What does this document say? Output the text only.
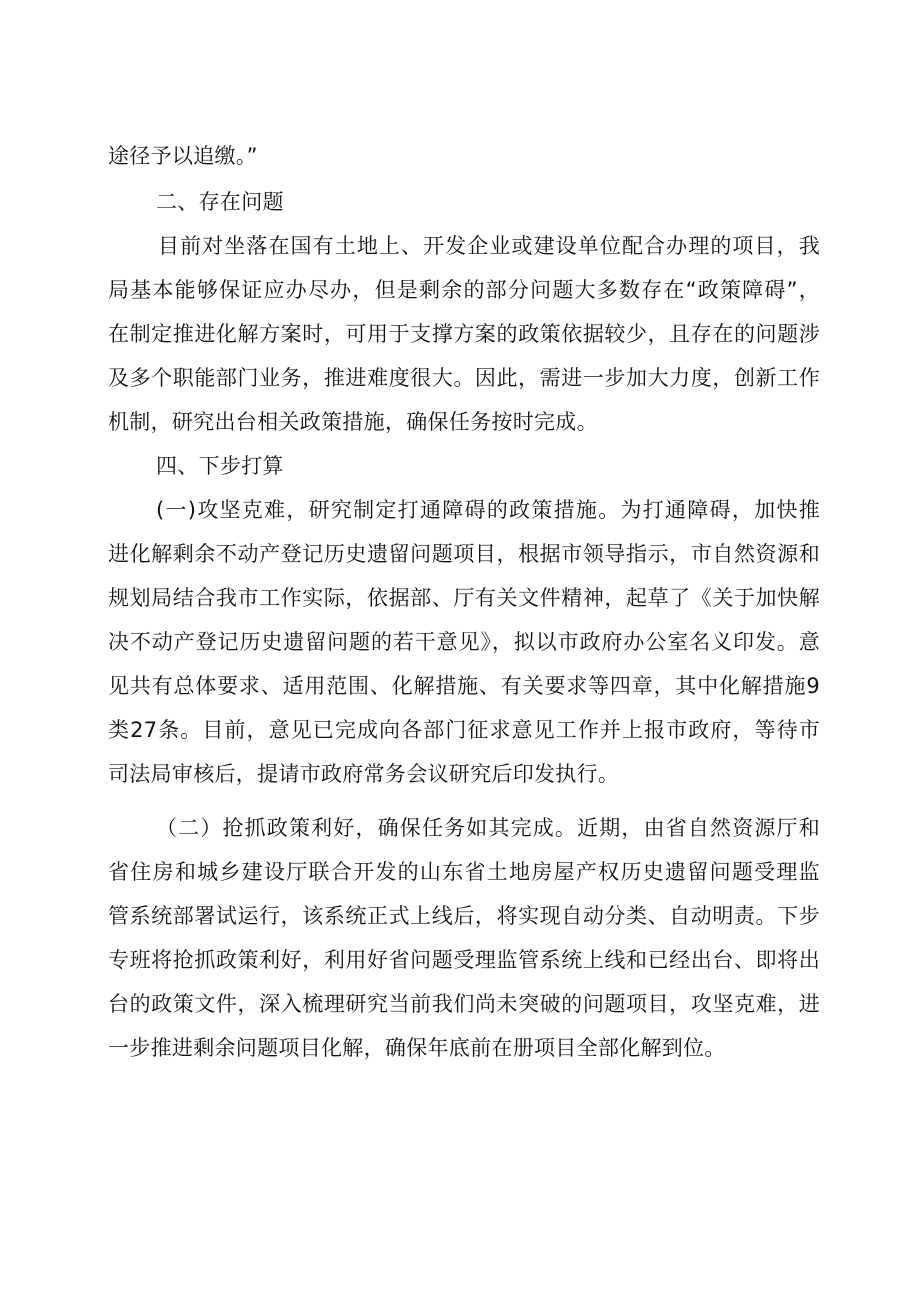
途径予以追缴。”
二、存在问题
目前对坐落在国有土地上、开发企业或建设单位配合办理的项目，我
局基本能够保证应办尽办，但是剩余的部分问题大多数存在“政策障碍”，
在制定推进化解方案时，可用于支撑方案的政策依据较少，且存在的问题涉
及多个职能部门业务，推进难度很大。因此，需进一步加大力度，创新工作
机制，研究出台相关政策措施，确保任务按时完成。
四、下步打算
(一)攻坚克难，研究制定打通障碍的政策措施。为打通障碍，加快推
进化解剩余不动产登记历史遗留问题项目，根据市领导指示，市自然资源和
规划局结合我市工作实际，依据部、厅有关文件精神，起草了《关于加快解
决不动产登记历史遗留问题的若干意见》，拟以市政府办公室名义印发。意
见共有总体要求、适用范围、化解措施、有关要求等四章，其中化解措施9
类27条。目前，意见已完成向各部门征求意见工作并上报市政府，等待市
司法局审核后，提请市政府常务会议研究后印发执行。
（二）抢抓政策利好，确保任务如其完成。近期，由省自然资源厅和
省住房和城乡建设厅联合开发的山东省土地房屋产权历史遗留问题受理监
管系统部署试运行，该系统正式上线后，将实现自动分类、自动明责。下步
专班将抢抓政策利好，利用好省问题受理监管系统上线和已经出台、即将出
台的政策文件，深入梳理研究当前我们尚未突破的问题项目，攻坚克难，进
一步推进剩余问题项目化解，确保年底前在册项目全部化解到位。
